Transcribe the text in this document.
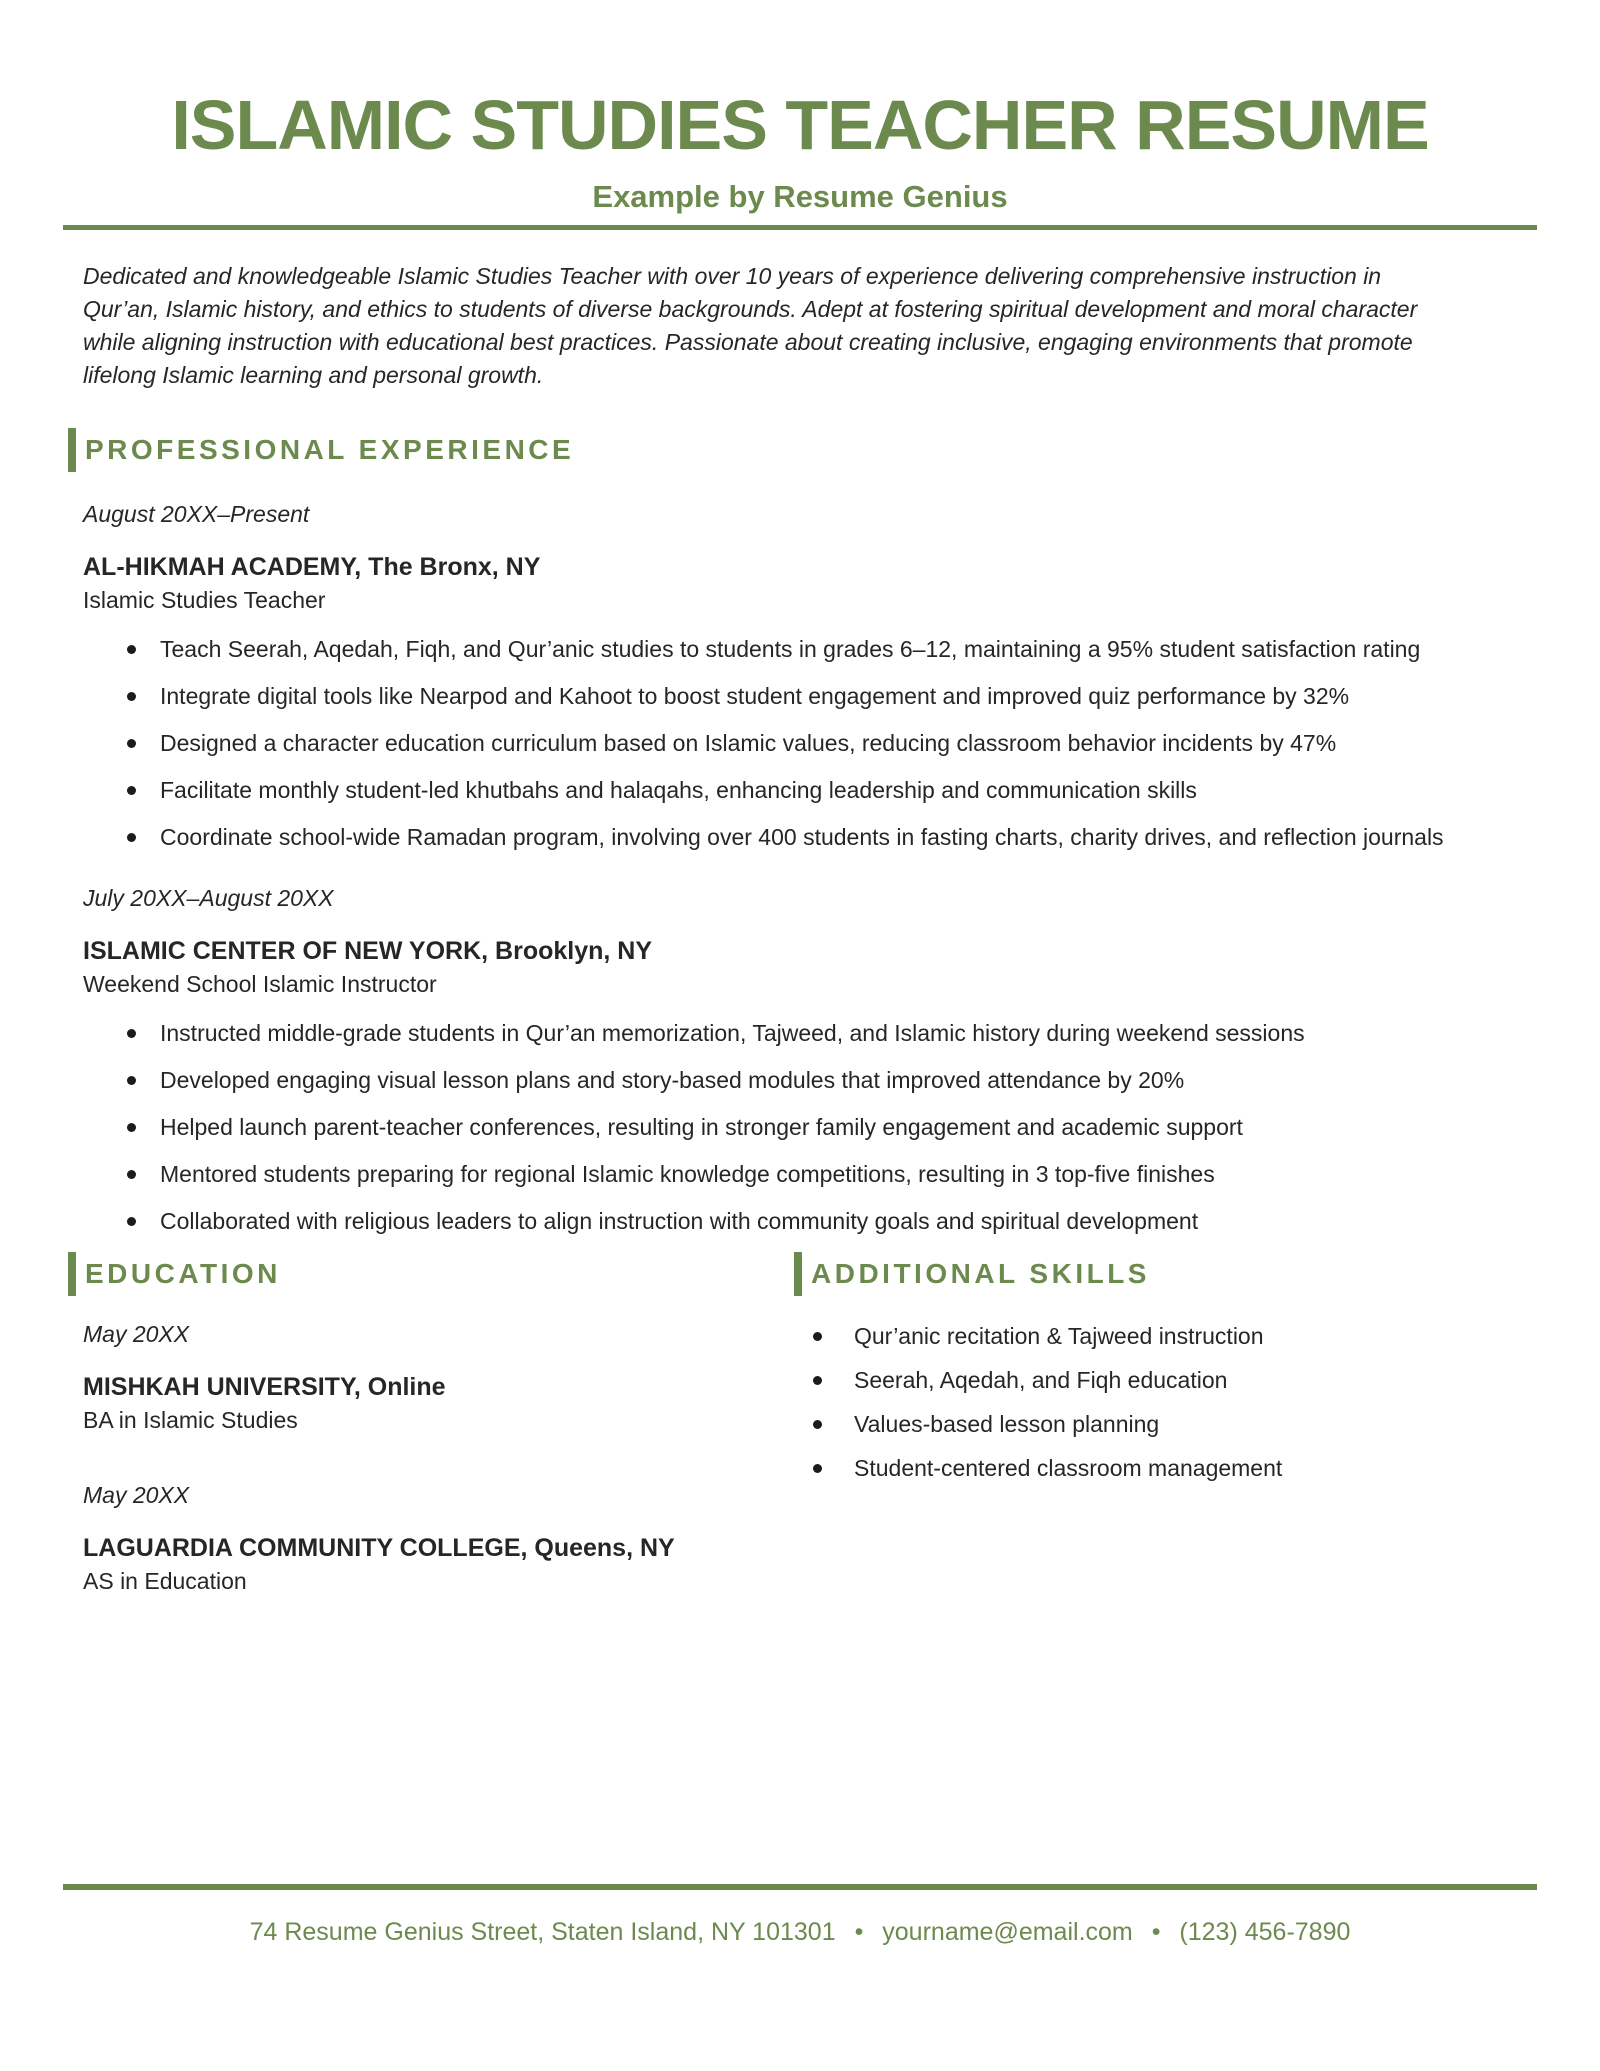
ISLAMIC STUDIES TEACHER RESUME
Example by Resume Genius

Dedicated and knowledgeable Islamic Studies Teacher with over 10 years of experience delivering comprehensive instruction in Qur’an, Islamic history, and ethics to students of diverse backgrounds. Adept at fostering spiritual development and moral character while aligning instruction with educational best practices. Passionate about creating inclusive, engaging environments that promote lifelong Islamic learning and personal growth.

PROFESSIONAL EXPERIENCE
August 20XX–Present
AL-HIKMAH ACADEMY, The Bronx, NY
Islamic Studies Teacher
Teach Seerah, Aqedah, Fiqh, and Qur’anic studies to students in grades 6–12, maintaining a 95% student satisfaction rating
Integrate digital tools like Nearpod and Kahoot to boost student engagement and improved quiz performance by 32%
Designed a character education curriculum based on Islamic values, reducing classroom behavior incidents by 47%
Facilitate monthly student-led khutbahs and halaqahs, enhancing leadership and communication skills
Coordinate school-wide Ramadan program, involving over 400 students in fasting charts, charity drives, and reflection journals
July 20XX–August 20XX
ISLAMIC CENTER OF NEW YORK, Brooklyn, NY
Weekend School Islamic Instructor
Instructed middle-grade students in Qur’an memorization, Tajweed, and Islamic history during weekend sessions
Developed engaging visual lesson plans and story-based modules that improved attendance by 20%
Helped launch parent-teacher conferences, resulting in stronger family engagement and academic support
Mentored students preparing for regional Islamic knowledge competitions, resulting in 3 top-five finishes
Collaborated with religious leaders to align instruction with community goals and spiritual development
EDUCATION
May 20XX
MISHKAH UNIVERSITY, Online
BA in Islamic Studies
May 20XX
LAGUARDIA COMMUNITY COLLEGE, Queens, NY
AS in Education
ADDITIONAL SKILLS
Qur’anic recitation & Tajweed instruction
Seerah, Aqedah, and Fiqh education
Values-based lesson planning
Student-centered classroom management
74 Resume Genius Street, Staten Island, NY 101301 • yourname@email.com • (123) 456-7890
